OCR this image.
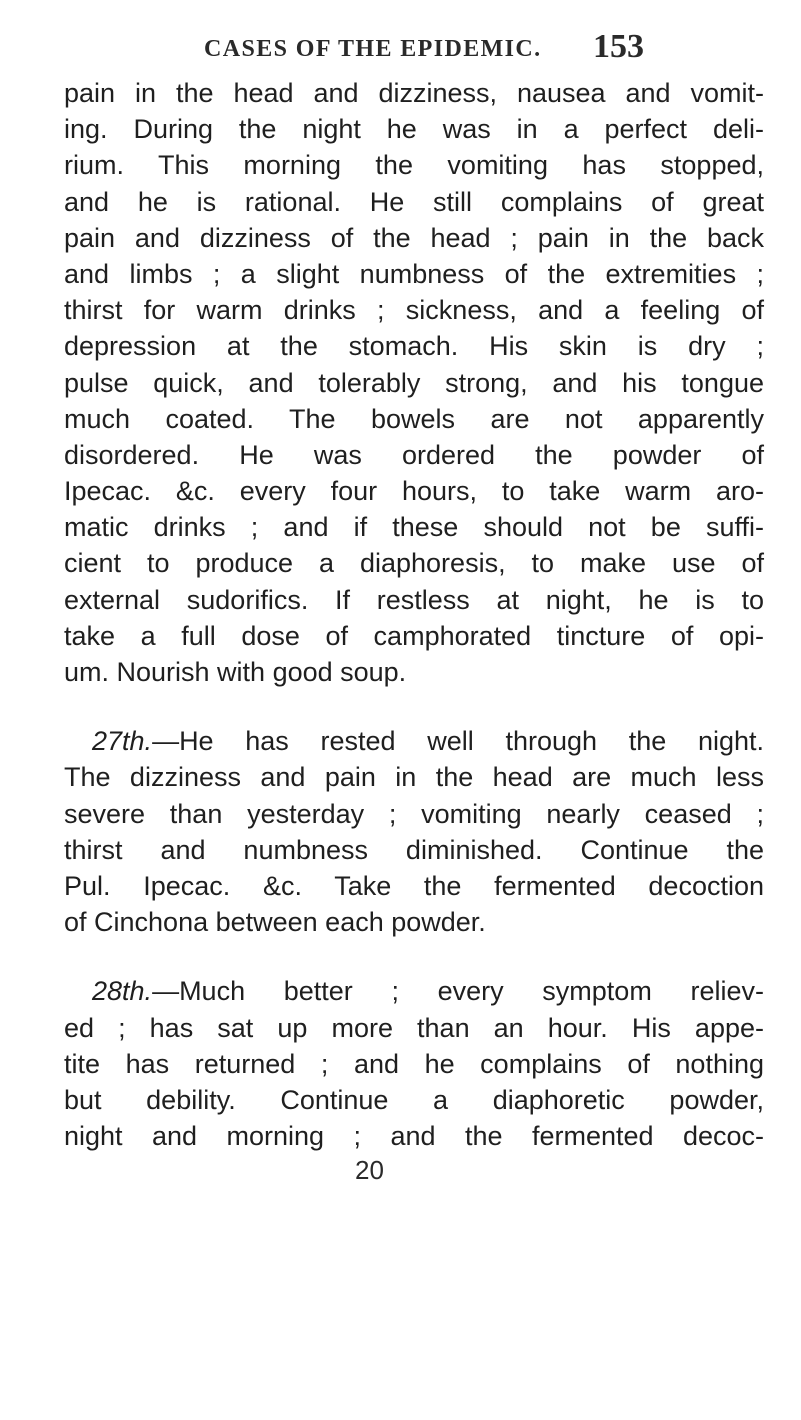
CASES OF THE EPIDEMIC. 153
pain in the head and dizziness, nausea and vomit-
ing. During the night he was in a perfect deli-
rium. This morning the vomiting has stopped,
and he is rational. He still complains of great
pain and dizziness of the head ; pain in the back
and limbs ; a slight numbness of the extremities ;
thirst for warm drinks ; sickness, and a feeling of
depression at the stomach. His skin is dry ;
pulse quick, and tolerably strong, and his tongue
much coated. The bowels are not apparently
disordered. He was ordered the powder of
Ipecac. &c. every four hours, to take warm aro-
matic drinks ; and if these should not be suffi-
cient to produce a diaphoresis, to make use of
external sudorifics. If restless at night, he is to
take a full dose of camphorated tincture of opi-
um. Nourish with good soup.
27th.—He has rested well through the night.
The dizziness and pain in the head are much less
severe than yesterday ; vomiting nearly ceased ;
thirst and numbness diminished. Continue the
Pul. Ipecac. &c. Take the fermented decoction
of Cinchona between each powder.
28th.—Much better ; every symptom reliev-
ed ; has sat up more than an hour. His appe-
tite has returned ; and he complains of nothing
but debility. Continue a diaphoretic powder,
night and morning ; and the fermented decoc-
20
